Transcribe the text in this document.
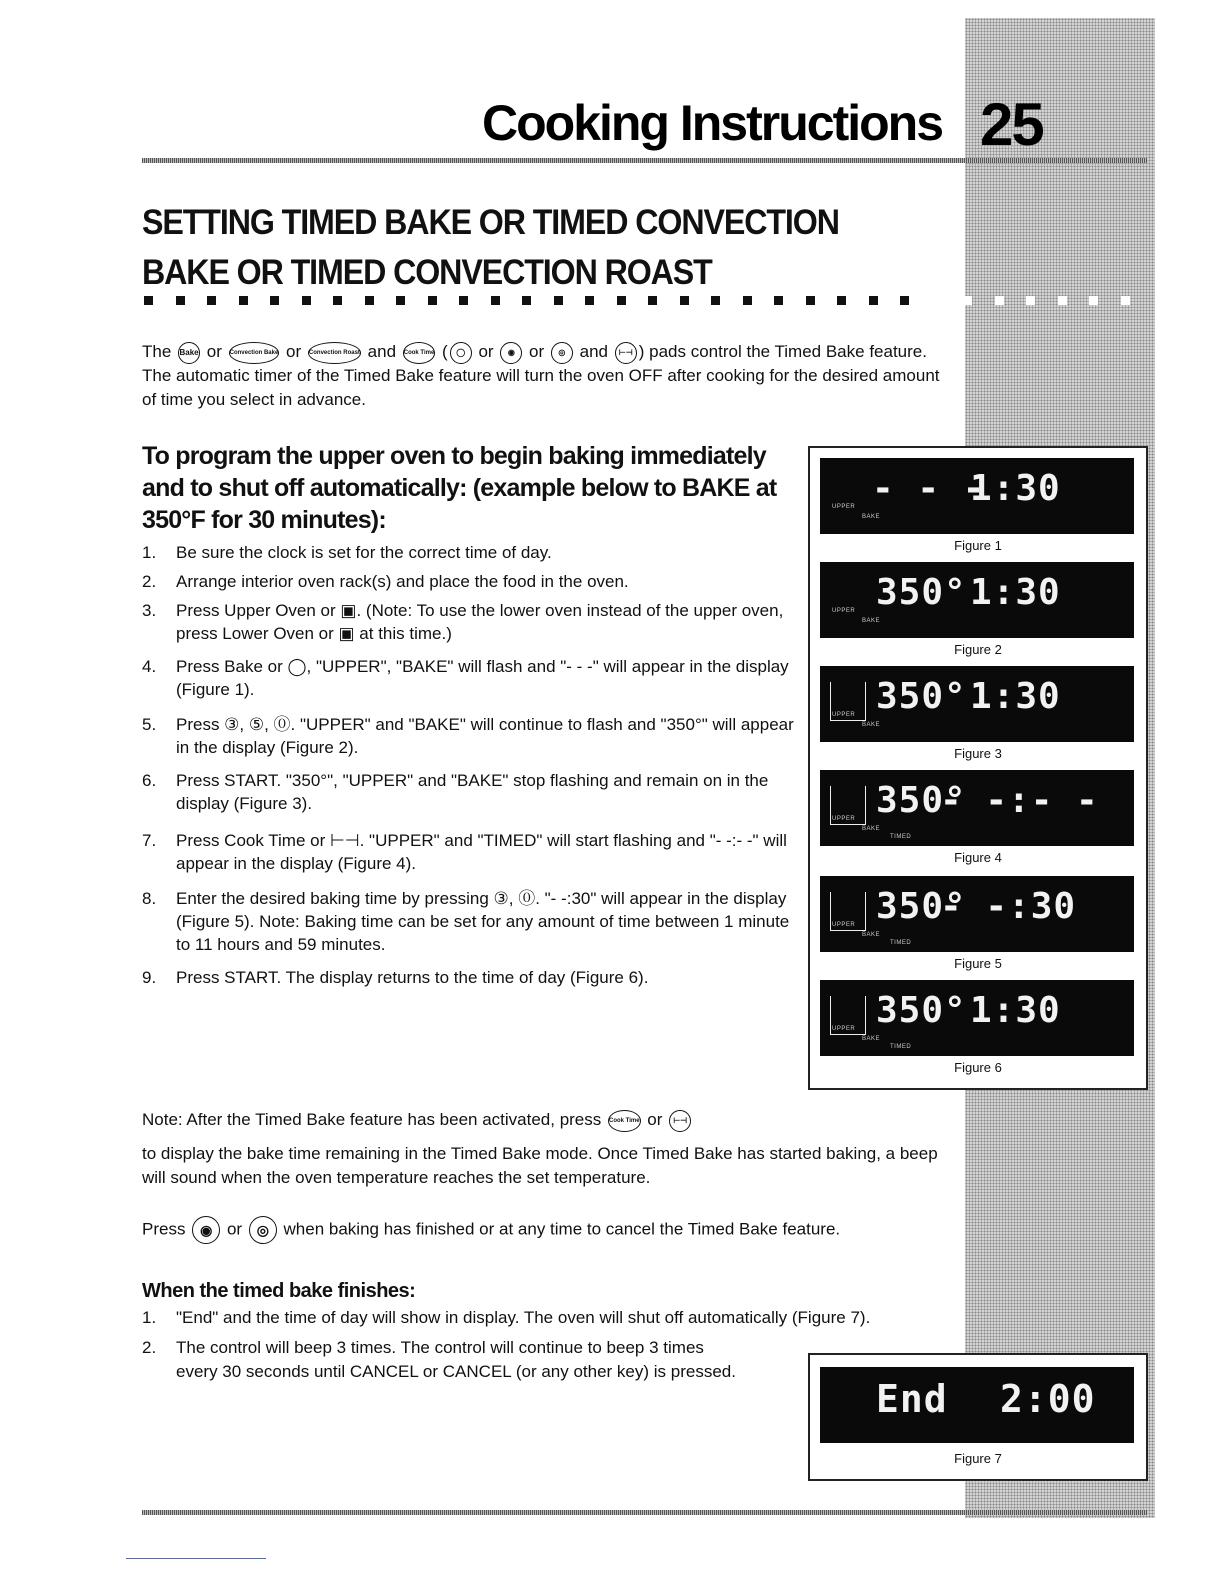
Cooking Instructions 25
SETTING TIMED BAKE OR TIMED CONVECTION BAKE OR TIMED CONVECTION ROAST
The Bake or Convection Bake or Convection Roast and Cook Time ( ◯ or ◉ or ◎ and ⊢⊣ ) pads control the Timed Bake feature. The automatic timer of the Timed Bake feature will turn the oven OFF after cooking for the desired amount of time you select in advance.
To program the upper oven to begin baking immediately and to shut off automatically: (example below to BAKE at 350°F for 30 minutes):
1.	Be sure the clock is set for the correct time of day.
2.	Arrange interior oven rack(s) and place the food in the oven.
3.	Press Upper Oven or ▣. (Note: To use the lower oven instead of the upper oven, press Lower Oven or ▣ at this time.)
4.	Press Bake or ◯, "UPPER", "BAKE" will flash and "- - -" will appear in the display (Figure 1).
5.	Press ③, ⑤, ⓪. "UPPER" and "BAKE" will continue to flash and "350°" will appear in the display (Figure 2).
6.	Press START. "350°", "UPPER" and "BAKE" stop flashing and remain on in the display (Figure 3).
7.	Press Cook Time or ⊢⊣. "UPPER" and "TIMED" will start flashing and "- -:- -" will appear in the display (Figure 4).
8.	Enter the desired baking time by pressing ③, ⓪. "- -:30" will appear in the display (Figure 5). Note: Baking time can be set for any amount of time between 1 minute to 11 hours and 59 minutes.
9.	Press START. The display returns to the time of day (Figure 6).
- - -
1:30
UPPER
BAKE
Figure 1
350° 1:30
UPPER
BAKE
Figure 2
350° 1:30
UPPER
BAKE
Figure 3
350°
- -:- -
UPPER
BAKE
TIMED
Figure 4
350°
- -:30
UPPER
BAKE
TIMED
Figure 5
350° 1:30
UPPER
BAKE
TIMED
Figure 6
Note: After the Timed Bake feature has been activated, press Cook Time or ⊢⊣
to display the bake time remaining in the Timed Bake mode. Once Timed Bake has started baking, a beep will sound when the oven temperature reaches the set temperature.
Press ◉ or ◎ when baking has finished or at any time to cancel the Timed Bake feature.
When the timed bake finishes:
1.	"End" and the time of day will show in display. The oven will shut off automatically (Figure 7).
2.	The control will beep 3 times. The control will continue to beep 3 times every 30 seconds until CANCEL or CANCEL (or any other key) is pressed.
End 2:00
Figure 7
